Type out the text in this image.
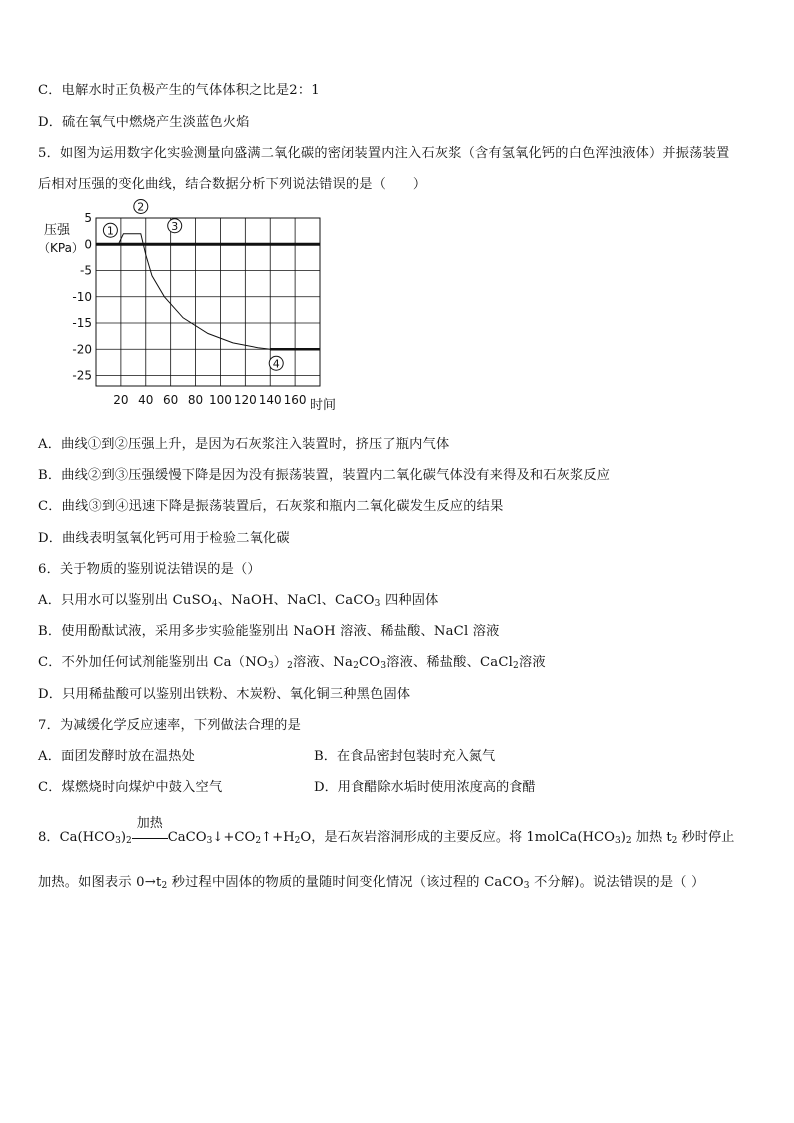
C．电解水时正负极产生的气体体积之比是2：1
D．硫在氧气中燃烧产生淡蓝色火焰
5．如图为运用数字化实验测量向盛满二氧化碳的密闭装置内注入石灰浆（含有氢氧化钙的白色浑浊液体）并振荡装置
后相对压强的变化曲线，结合数据分析下列说法错误的是（　　）
5
0
-5
-10
-15
-20
-25
20 40 60 80 100 120 140 160
1
2
3
4
压强
（KPa）
时间
A．曲线①到②压强上升，是因为石灰浆注入装置时，挤压了瓶内气体
B．曲线②到③压强缓慢下降是因为没有振荡装置，装置内二氧化碳气体没有来得及和石灰浆反应
C．曲线③到④迅速下降是振荡装置后，石灰浆和瓶内二氧化碳发生反应的结果
D．曲线表明氢氧化钙可用于检验二氧化碳
6．关于物质的鉴别说法错误的是（）
A．只用水可以鉴别出 CuSO$_4$、NaOH、NaCl、CaCO$_3$ 四种固体
B．使用酚酞试液，采用多步实验能鉴别出 NaOH 溶液、稀盐酸、NaCl 溶液
C．不外加任何试剂能鉴别出 $Ca(NO_3)_2$溶液、$Na_2CO_3$溶液、稀盐酸、CaCl$_2$溶液
D．只用稀盐酸可以鉴别出铁粉、木炭粉、氧化铜三种黑色固体
7．为减缓化学反应速率，下列做法合理的是
A．面团发酵时放在温热处	B．在食品密封包装时充入氮气
C．煤燃烧时向煤炉中鼓入空气	D．用食醋除水垢时使用浓度高的食醋
8．$Ca(HCO_3)_2$
加热
$CaCO_3↓+CO_2↑+H_2O$，是石灰岩溶洞形成的主要反应。将 $1molCa(HCO_3)_2$ 加热 $t_2$ 秒时停止
加热。如图表示 $0\to t_2$ 秒过程中固体的物质的量随时间变化情况（该过程的 CaCO$_3$ 不分解)。说法错误的是（ ）
